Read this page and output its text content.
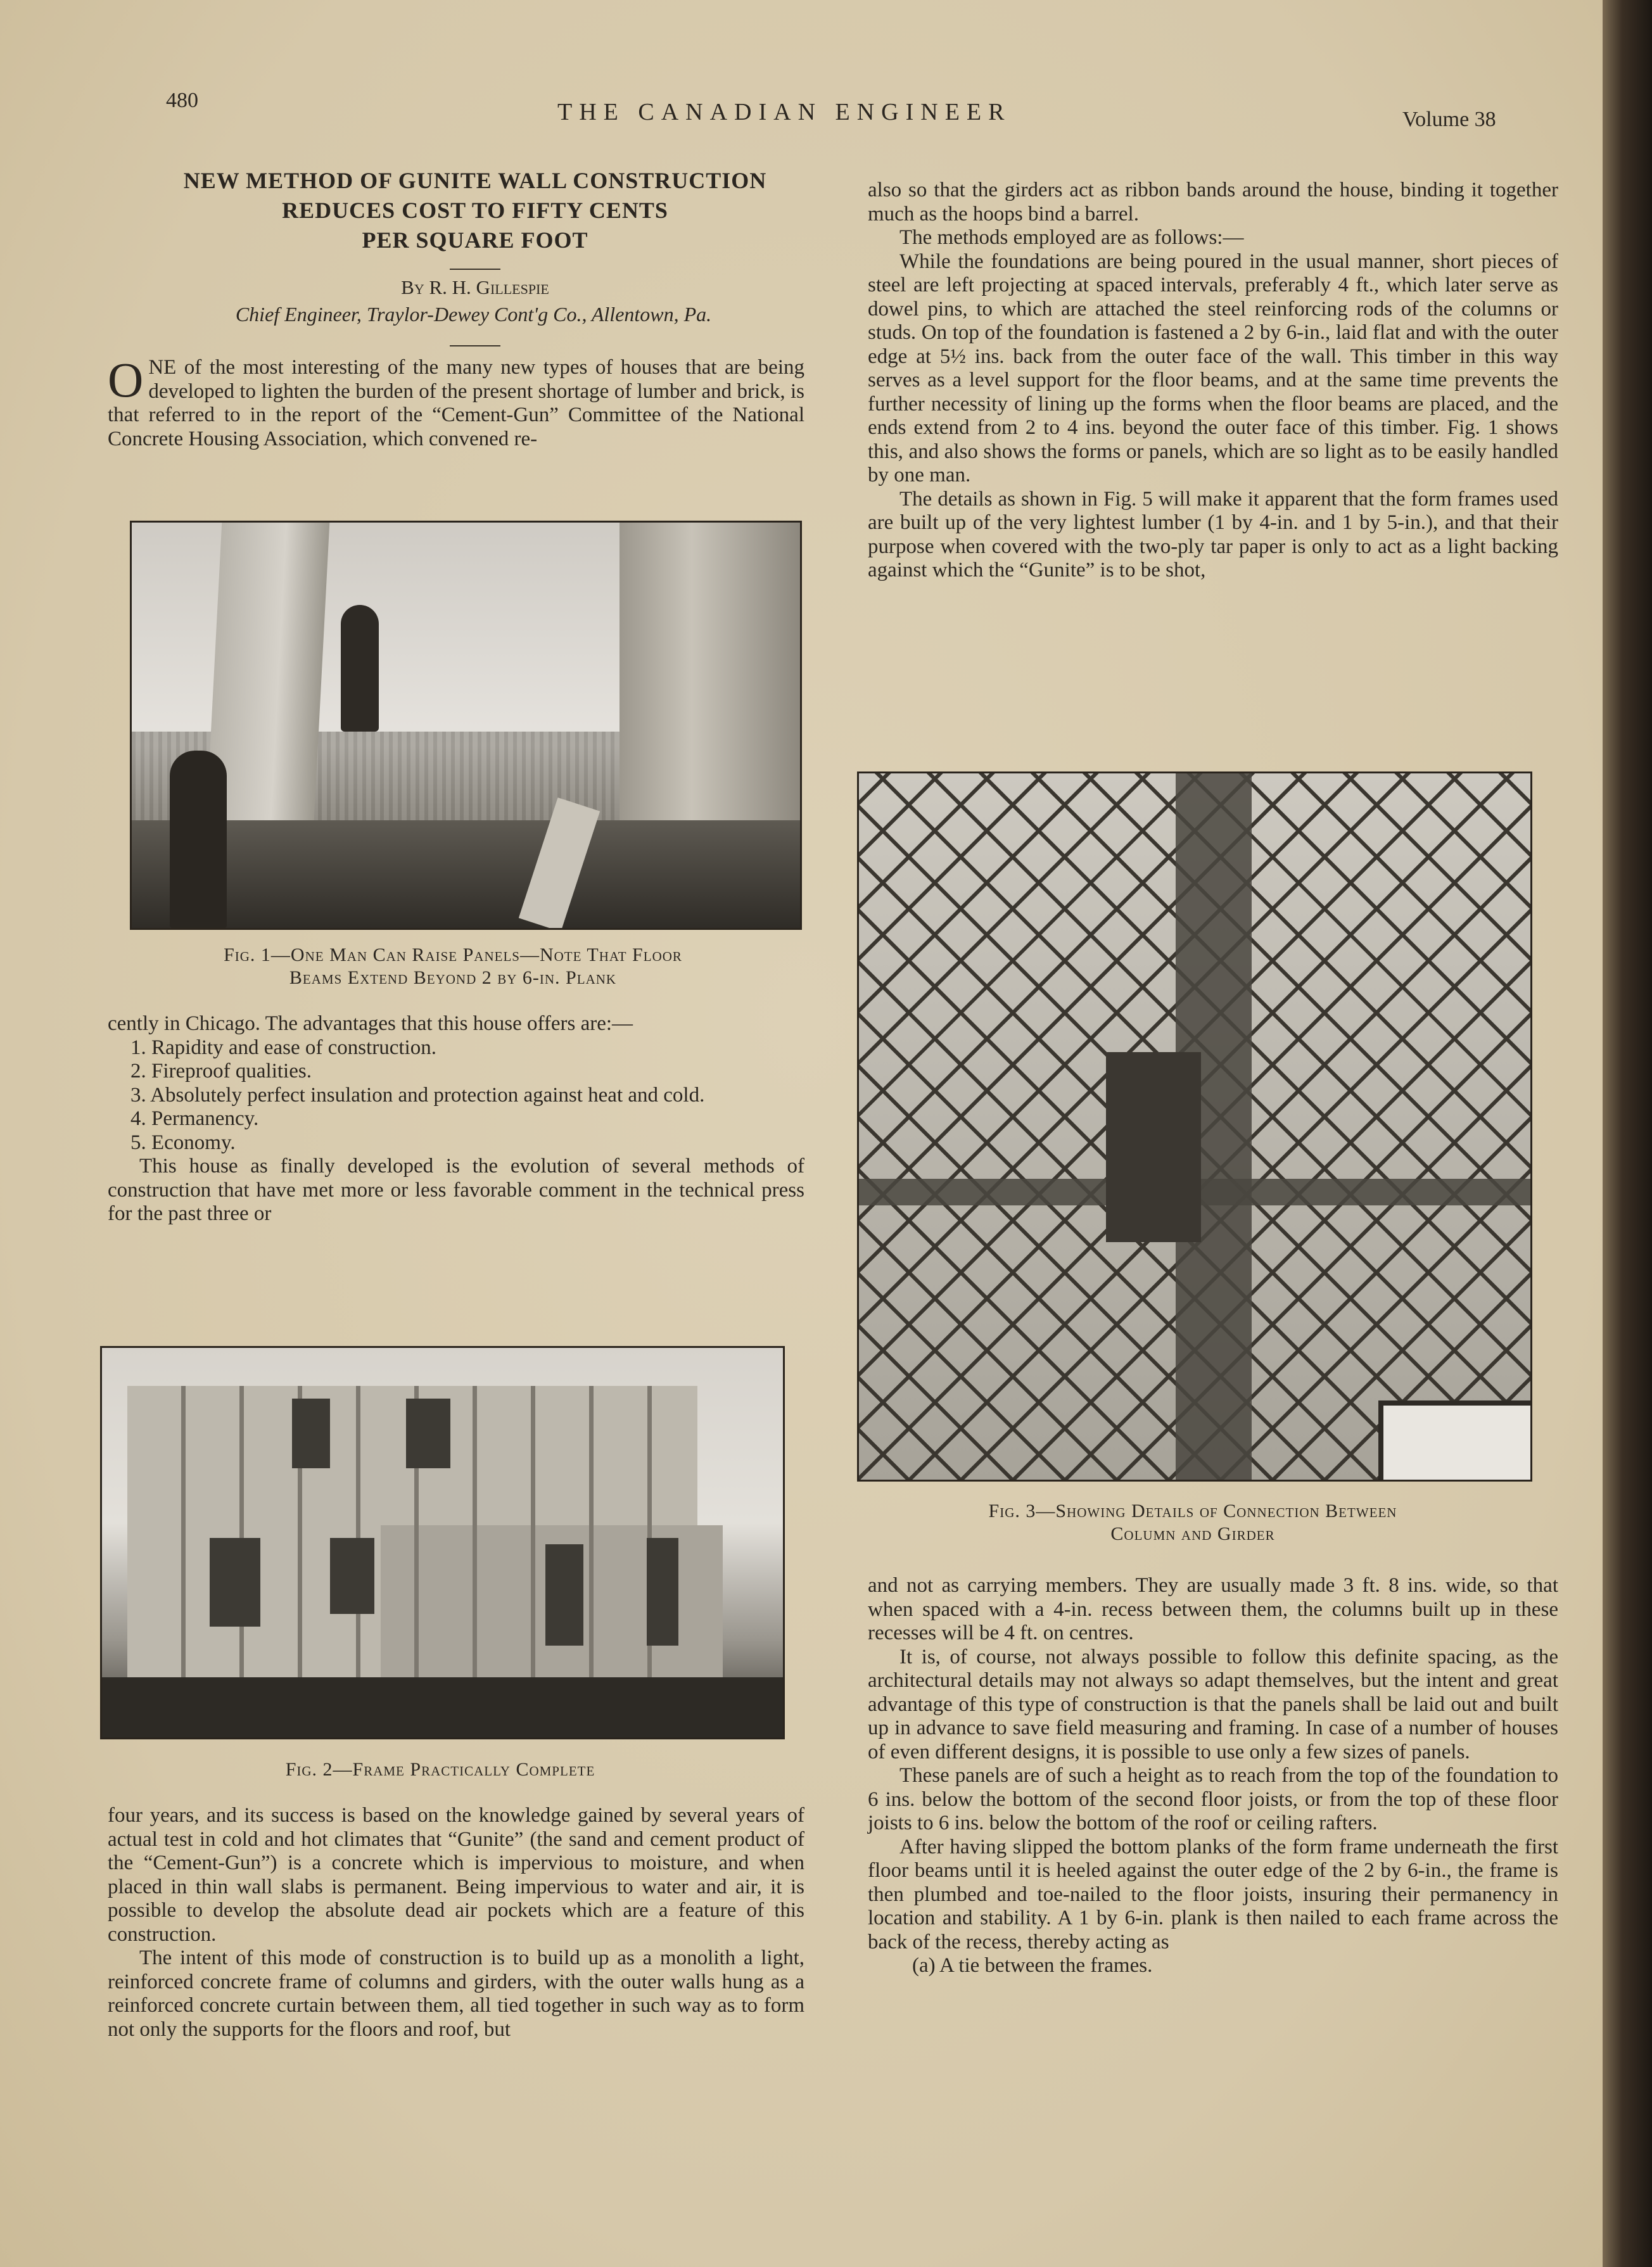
480	THE CANADIAN ENGINEER	Volume 38
NEW METHOD OF GUNITE WALL CONSTRUCTION
REDUCES COST TO FIFTY CENTS
PER SQUARE FOOT
By R. H. Gillespie
Chief Engineer, Traylor-Dewey Cont'g Co., Allentown, Pa.
O NE of the most interesting of the many new types of houses that are being developed to lighten the burden of the present shortage of lumber and brick, is that referred to in the report of the “Cement-Gun” Committee of the National Concrete Housing Association, which convened re-
Fig. 1—One Man Can Raise Panels—Note That Floor
Beams Extend Beyond 2 by 6-in. Plank

cently in Chicago. The advantages that this house offers are:—

1. Rapidity and ease of construction.

2. Fireproof qualities.

3. Absolutely perfect insulation and protection against heat and cold.

4. Permanency.

5. Economy.

This house as finally developed is the evolution of several methods of construction that have met more or less favorable comment in the technical press for the past three or

Fig. 2—Frame Practically Complete

four years, and its success is based on the knowledge gained by several years of actual test in cold and hot climates that “Gunite” (the sand and cement product of the “Cement-Gun”) is a concrete which is impervious to moisture, and when placed in thin wall slabs is permanent. Being impervious to water and air, it is possible to develop the absolute dead air pockets which are a feature of this construction.

The intent of this mode of construction is to build up as a monolith a light, reinforced concrete frame of columns and girders, with the outer walls hung as a reinforced concrete curtain between them, all tied together in such way as to form not only the supports for the floors and roof, but

also so that the girders act as ribbon bands around the house, binding it together much as the hoops bind a barrel.

The methods employed are as follows:—

While the foundations are being poured in the usual manner, short pieces of steel are left projecting at spaced intervals, preferably 4 ft., which later serve as dowel pins, to which are attached the steel reinforcing rods of the columns or studs. On top of the foundation is fastened a 2 by 6-in., laid flat and with the outer edge at 5½ ins. back from the outer face of the wall. This timber in this way serves as a level support for the floor beams, and at the same time prevents the further necessity of lining up the forms when the floor beams are placed, and the ends extend from 2 to 4 ins. beyond the outer face of this timber. Fig. 1 shows this, and also shows the forms or panels, which are so light as to be easily handled by one man.

The details as shown in Fig. 5 will make it apparent that the form frames used are built up of the very lightest lumber (1 by 4-in. and 1 by 5-in.), and that their purpose when covered with the two-ply tar paper is only to act as a light backing against which the “Gunite” is to be shot,

Fig. 3—Showing Details of Connection Between
Column and Girder

and not as carrying members. They are usually made 3 ft. 8 ins. wide, so that when spaced with a 4-in. recess between them, the columns built up in these recesses will be 4 ft. on centres.

It is, of course, not always possible to follow this definite spacing, as the architectural details may not always so adapt themselves, but the intent and great advantage of this type of construction is that the panels shall be laid out and built up in advance to save field measuring and framing. In case of a number of houses of even different designs, it is possible to use only a few sizes of panels.

These panels are of such a height as to reach from the top of the foundation to 6 ins. below the bottom of the second floor joists, or from the top of these floor joists to 6 ins. below the bottom of the roof or ceiling rafters.

After having slipped the bottom planks of the form frame underneath the first floor beams until it is heeled against the outer edge of the 2 by 6-in., the frame is then plumbed and toe-nailed to the floor joists, insuring their permanency in location and stability. A 1 by 6-in. plank is then nailed to each frame across the back of the recess, thereby acting as

(a) A tie between the frames.
